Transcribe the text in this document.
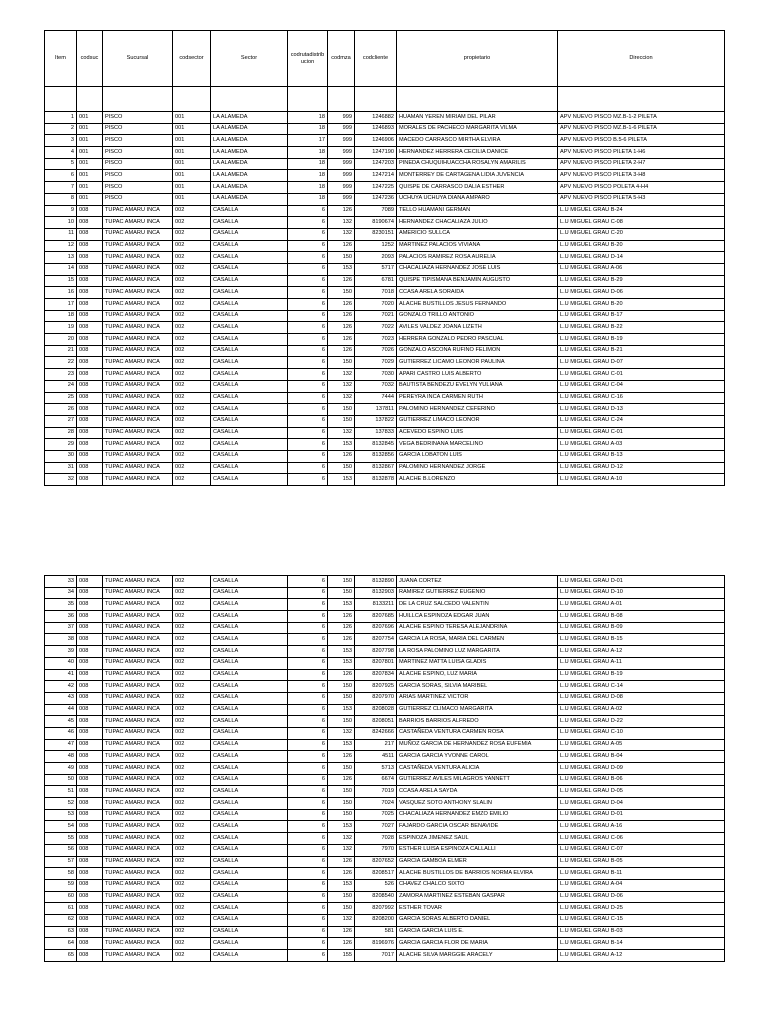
Item	codsuc	Sucursal	codsector	Sector	codrutadistribucion	codmza	codcliente	propietario	Direccion

1	001	PISCO	001	LA ALAMEDA	18	999	1246882	HUAMAN YEREN MIRIAM DEL PILAR	APV NUEVO PISCO MZ.B-1-2 PILETA
2	001	PISCO	001	LA ALAMEDA	18	999	1246893	MORALES DE PACHECO MARGARITA VILMA	APV NUEVO PISCO MZ.B-1-6 PILETA
3	001	PISCO	001	LA ALAMEDA	17	999	1246906	MACEDO CARRASCO MIRTHA ELVIRA	APV NUEVO PISCO B.5-6 PILETA
4	001	PISCO	001	LA ALAMEDA	18	999	1247190	HERNANDEZ HERRERA CECILIA DANICE	APV NUEVO PISCO PILETA 1-H6
5	001	PISCO	001	LA ALAMEDA	18	999	1247203	PINEDA CHUQUIHUACCHA ROSALYN AMARILIS	APV NUEVO PISCO PILETA 2-H7
6	001	PISCO	001	LA ALAMEDA	18	999	1247214	MONTERREY DE CARTAGENA LIDIA JUVENCIA	APV NUEVO PISCO PILETA 3-H8
7	001	PISCO	001	LA ALAMEDA	18	999	1247225	QUISPE DE CARRASCO DALIA ESTHER	APV NUEVO PISCO POLETA 4-H4
8	001	PISCO	001	LA ALAMEDA	18	999	1247236	UCHUYA UCHUYA DIANA AMPARO	APV NUEVO PISCO PILETA 5-H3
9	008	TUPAC AMARU INCA	002	CASALLA	6	126	7089	TELLO HUAMANI GERMAN	L.U MIGUEL GRAU B-24
10	008	TUPAC AMARU INCA	002	CASALLA	6	132	8190674	HERNANDEZ CHACALIAZA JULIO	L.U MIGUEL GRAU C-08
11	008	TUPAC AMARU INCA	002	CASALLA	6	132	8230151	AMERICIO SULLCA	L.U MIGUEL GRAU C-20
12	008	TUPAC AMARU INCA	002	CASALLA	6	126	1252	MARTINEZ PALACIOS VIVIANA	L.U MIGUEL GRAU B-20
13	008	TUPAC AMARU INCA	002	CASALLA	6	150	2093	PALACIOS RAMIREZ ROSA AURELIA	L.U MIGUEL GRAU D-14
14	008	TUPAC AMARU INCA	002	CASALLA	6	153	5717	CHACALIAZA HERNANDEZ JOSE LUIS	L.U MIGUEL GRAU A-06
15	008	TUPAC AMARU INCA	002	CASALLA	6	126	6781	QUISPE TIPISMANA BENJAMIN AUGUSTO	L.U MIGUEL GRAU B-29
16	008	TUPAC AMARU INCA	002	CASALLA	6	150	7018	CCASA ARELA SORAIDA	L.U MIGUEL GRAU D-06
17	008	TUPAC AMARU INCA	002	CASALLA	6	126	7020	ALACHE BUSTILLOS JESUS FERNANDO	L.U MIGUEL GRAU B-20
18	008	TUPAC AMARU INCA	002	CASALLA	6	126	7021	GONZALO TRILLO ANTONIO	L.U MIGUEL GRAU B-17
19	008	TUPAC AMARU INCA	002	CASALLA	6	126	7022	AVILES VALDEZ JOANA LIZETH	L.U MIGUEL GRAU B-22
20	008	TUPAC AMARU INCA	002	CASALLA	6	126	7023	HERRERA GONZALO PEDRO PASCUAL	L.U MIGUEL GRAU B-19
21	008	TUPAC AMARU INCA	002	CASALLA	6	126	7026	GONZALO ASCONA RUFINO FELIMON	L.U MIGUEL GRAU B-21
22	008	TUPAC AMARU INCA	002	CASALLA	6	150	7029	GUTIERREZ LICAMO LEONOR PAULINA	L.U MIGUEL GRAU D-07
23	008	TUPAC AMARU INCA	002	CASALLA	6	132	7030	APARI CASTRO LUIS ALBERTO	L.U MIGUEL GRAU C-01
24	008	TUPAC AMARU INCA	002	CASALLA	6	132	7032	BAUTISTA BENDEZU EVELYN YULIANA	L.U MIGUEL GRAU C-04
25	008	TUPAC AMARU INCA	002	CASALLA	6	132	7444	PEREYRA INCA CARMEN RUTH	L.U MIGUEL GRAU C-16
26	008	TUPAC AMARU INCA	002	CASALLA	6	150	137811	PALOMINO HERNANDEZ CEFERINO	L.U MIGUEL GRAU D-13
27	008	TUPAC AMARU INCA	002	CASALLA	6	150	137822	GUTIERREZ LIMACO LEONOR	L.U MIGUEL GRAU C-24
28	008	TUPAC AMARU INCA	002	CASALLA	6	132	137833	ACEVEDO ESPINO LUIS	L.U MIGUEL GRAU C-01
29	008	TUPAC AMARU INCA	002	CASALLA	6	153	8132845	VEGA BEDRINANA MARCELINO	L.U MIGUEL GRAU A-03
30	008	TUPAC AMARU INCA	002	CASALLA	6	126	8132856	GARCIA LOBATON LUIS	L.U MIGUEL GRAU B-13
31	008	TUPAC AMARU INCA	002	CASALLA	6	150	8132867	PALOMINO HERNANDEZ JORGE	L.U MIGUEL GRAU D-12
32	008	TUPAC AMARU INCA	002	CASALLA	6	153	8132878	ALACHE B.LORENZO	L.U MIGUEL GRAU A-10
33	008	TUPAC AMARU INCA	002	CASALLA	6	150	8132890	JUANA CORTEZ	L.U MIGUEL GRAU D-01
34	008	TUPAC AMARU INCA	002	CASALLA	6	150	8132903	RAMIREZ GUTIERREZ EUGENIO	L.U MIGUEL GRAU D-10
35	008	TUPAC AMARU INCA	002	CASALLA	6	153	8133211	DE LA CRUZ SALCEDO VALENTIN	L.U MIGUEL GRAU A-01
36	008	TUPAC AMARU INCA	002	CASALLA	6	126	8207685	HUILLCA ESPINOZA EDGAR JUAN	L.U MIGUEL GRAU B-08
37	008	TUPAC AMARU INCA	002	CASALLA	6	126	8207696	ALACHE ESPINO TERESA ALEJANDRINA	L.U MIGUEL GRAU B-09
38	008	TUPAC AMARU INCA	002	CASALLA	6	126	8207754	GARCIA LA ROSA, MARIA DEL CARMEN	L.U MIGUEL GRAU B-15
39	008	TUPAC AMARU INCA	002	CASALLA	6	153	8207798	LA ROSA PALOMINO LUZ MARGARITA	L.U MIGUEL GRAU A-12
40	008	TUPAC AMARU INCA	002	CASALLA	6	153	8207801	MARTINEZ MATTA LUISA GLADIS	L.U MIGUEL GRAU A-11
41	008	TUPAC AMARU INCA	002	CASALLA	6	126	8207834	ALACHE ESPINO, LUZ MARIA	L.U MIGUEL GRAU B-19
42	008	TUPAC AMARU INCA	002	CASALLA	6	150	8207925	GARCIA SORAS, SILVIA MARIBEL	L.U MIGUEL GRAU C-14
43	008	TUPAC AMARU INCA	002	CASALLA	6	150	8207970	ARIAS MARTINEZ VICTOR	L.U MIGUEL GRAU D-08
44	008	TUPAC AMARU INCA	002	CASALLA	6	153	8208028	GUTIERREZ CLIMACO MARGARITA	L.U MIGUEL GRAU A-02
45	008	TUPAC AMARU INCA	002	CASALLA	6	150	8208051	BARRIOS BARRIOS ALFREDO	L.U MIGUEL GRAU D-22
46	008	TUPAC AMARU INCA	002	CASALLA	6	132	8242666	CASTAÑEDA VENTURA CARMEN ROSA	L.U MIGUEL GRAU C-10
47	008	TUPAC AMARU INCA	002	CASALLA	6	153	217	MUÑOZ GARCIA DE HERNANDEZ ROSA EUFEMIA	L.U MIGUEL GRAU A-05
48	008	TUPAC AMARU INCA	002	CASALLA	6	126	4511	GARCIA GARCIA YVONNE CAROL	L.U MIGUEL GRAU B-04
49	008	TUPAC AMARU INCA	002	CASALLA	6	150	5713	CASTAÑEDA VENTURA ALICIA	L.U MIGUEL GRAU D-09
50	008	TUPAC AMARU INCA	002	CASALLA	6	126	6674	GUTIERREZ AVILES MILAGROS YANNETT	L.U MIGUEL GRAU B-06
51	008	TUPAC AMARU INCA	002	CASALLA	6	150	7019	CCASA ARELA SAYDA	L.U MIGUEL GRAU D-05
52	008	TUPAC AMARU INCA	002	CASALLA	6	150	7024	VASQUEZ SOTO ANTHONY SLALIN	L.U MIGUEL GRAU D-04
53	008	TUPAC AMARU INCA	002	CASALLA	6	150	7025	CHACALIAZA HERNANDEZ EMZO EMILIO	L.U MIGUEL GRAU D-01
54	008	TUPAC AMARU INCA	002	CASALLA	6	153	7027	FAJARDO GARCIA OSCAR BENAVIDE	L.U MIGUEL GRAU A-16
55	008	TUPAC AMARU INCA	002	CASALLA	6	132	7028	ESPINOZA JIMENEZ SAUL	L.U MIGUEL GRAU C-06
56	008	TUPAC AMARU INCA	002	CASALLA	6	132	7970	ESTHER LUISA ESPINOZA CALLALLI	L.U MIGUEL GRAU C-07
57	008	TUPAC AMARU INCA	002	CASALLA	6	126	8207652	GARCIA GAMBOA ELMER	L.U MIGUEL GRAU B-05
58	008	TUPAC AMARU INCA	002	CASALLA	6	126	8208517	ALACHE BUSTILLOS DE BARRIOS NORMA ELVIRA	L.U MIGUEL GRAU B-11
59	008	TUPAC AMARU INCA	002	CASALLA	6	153	526	CHAVEZ CHALCO SIXTO	L.U MIGUEL GRAU A-04
60	008	TUPAC AMARU INCA	002	CASALLA	6	150	8208540	ZAMORA MARTINEZ ESTEBAN GASPAR	L.U MIGUEL GRAU D-06
61	008	TUPAC AMARU INCA	002	CASALLA	6	150	8207992	ESTHER TOVAR	L.U MIGUEL GRAU D-25
62	008	TUPAC AMARU INCA	002	CASALLA	6	132	8208200	GARCIA SORAS ALBERTO DANIEL	L.U MIGUEL GRAU C-15
63	008	TUPAC AMARU INCA	002	CASALLA	6	126	581	GARCIA GARCIA LUIS E.	L.U MIGUEL GRAU B-03
64	008	TUPAC AMARU INCA	002	CASALLA	6	126	8196976	GARCIA GARCIA FLOR DE MARIA	L.U MIGUEL GRAU B-14
65	008	TUPAC AMARU INCA	002	CASALLA	6	155	7017	ALACHE SILVA MARGGIE ARACELY	L.U MIGUEL GRAU A-12
